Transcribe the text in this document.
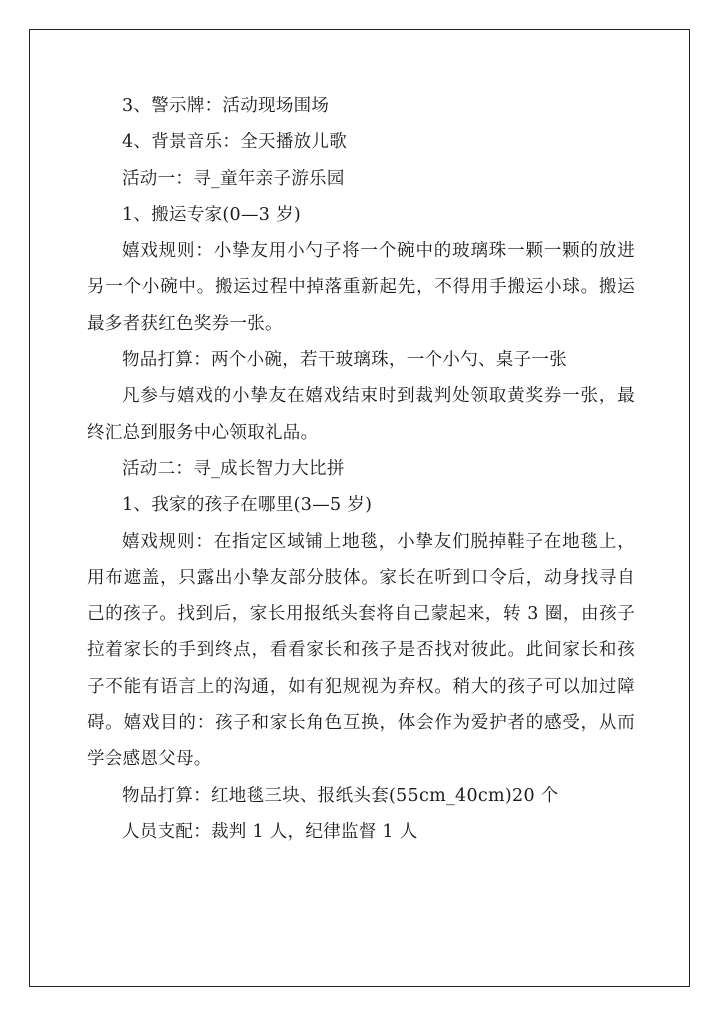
3、警示牌：活动现场围场

4、背景音乐：全天播放儿歌

活动一：寻_童年亲子游乐园

1、搬运专家(0—3 岁)

嬉戏规则：小挚友用小勺子将一个碗中的玻璃珠一颗一颗的放进另一个小碗中。搬运过程中掉落重新起先，不得用手搬运小球。搬运最多者获红色奖券一张。

物品打算：两个小碗，若干玻璃珠，一个小勺、桌子一张

凡参与嬉戏的小挚友在嬉戏结束时到裁判处领取黄奖券一张，最终汇总到服务中心领取礼品。

活动二：寻_成长智力大比拼

1、我家的孩子在哪里(3—5 岁)

嬉戏规则：在指定区域铺上地毯，小挚友们脱掉鞋子在地毯上，用布遮盖，只露出小挚友部分肢体。家长在听到口令后，动身找寻自己的孩子。找到后，家长用报纸头套将自己蒙起来，转 3 圈，由孩子拉着家长的手到终点，看看家长和孩子是否找对彼此。此间家长和孩子不能有语言上的沟通，如有犯规视为弃权。稍大的孩子可以加过障碍。嬉戏目的：孩子和家长角色互换，体会作为爱护者的感受，从而学会感恩父母。

物品打算：红地毯三块、报纸头套(55cm_40cm)20 个

人员支配：裁判 1 人，纪律监督 1 人
